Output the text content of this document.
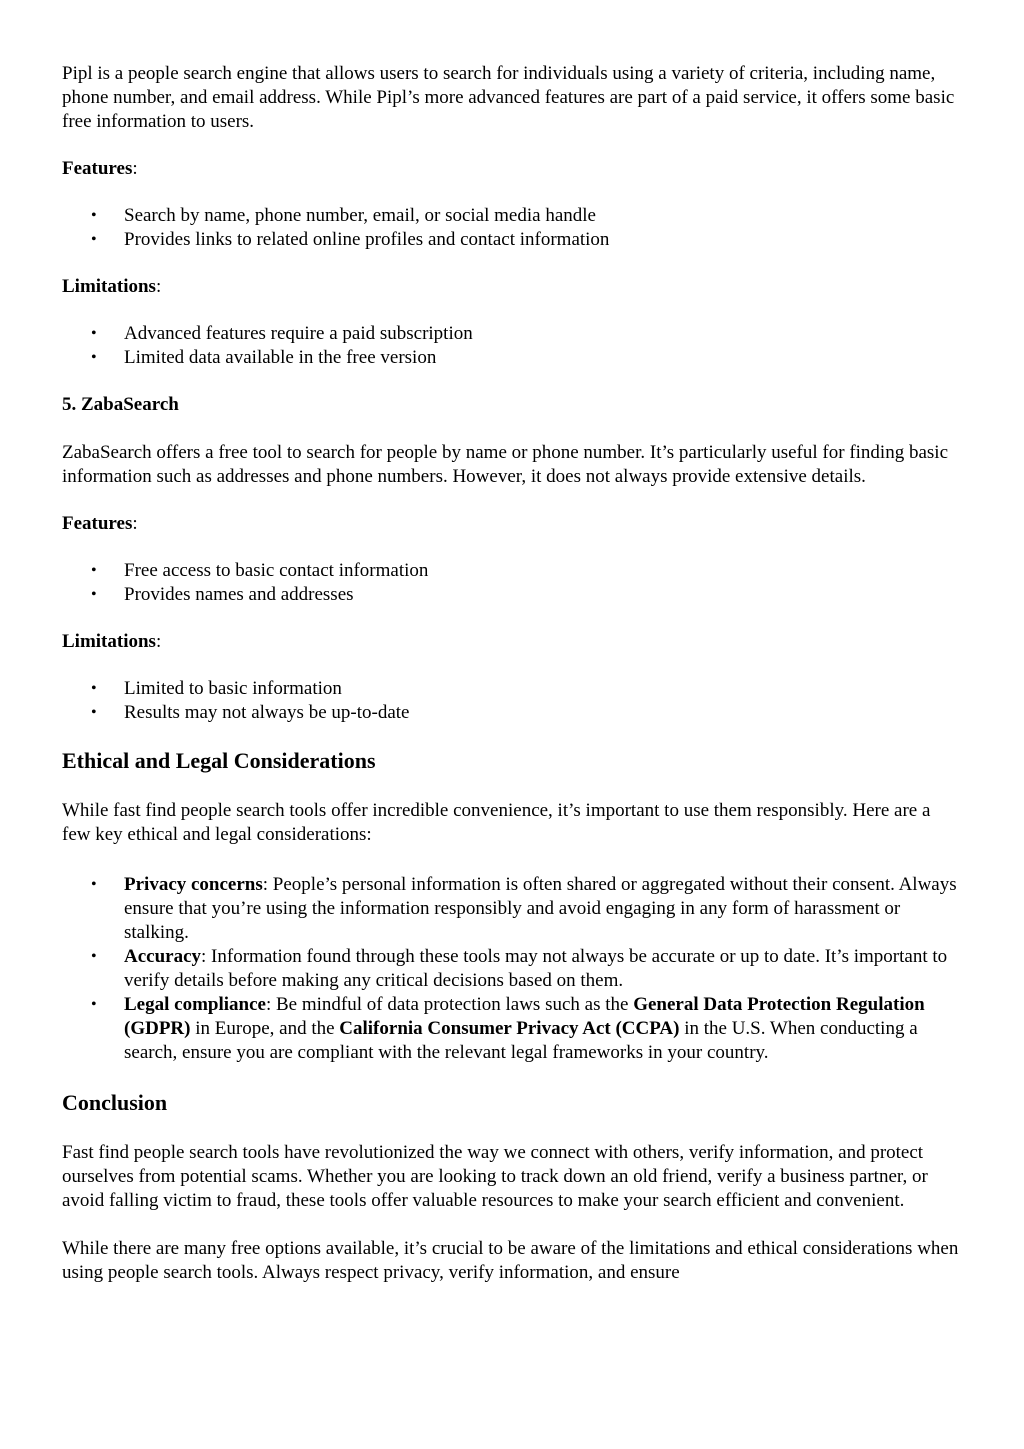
Pipl is a people search engine that allows users to search for individuals using a variety of criteria, including name, phone number, and email address. While Pipl’s more advanced features are part of a paid service, it offers some basic free information to users.

Features:

• Search by name, phone number, email, or social media handle
• Provides links to related online profiles and contact information

Limitations:

• Advanced features require a paid subscription
• Limited data available in the free version
5. ZabaSearch

ZabaSearch offers a free tool to search for people by name or phone number. It’s particularly useful for finding basic information such as addresses and phone numbers. However, it does not always provide extensive details.

Features:

• Free access to basic contact information
• Provides names and addresses

Limitations:

• Limited to basic information
• Results may not always be up-to-date
Ethical and Legal Considerations

While fast find people search tools offer incredible convenience, it’s important to use them responsibly. Here are a few key ethical and legal considerations:

• Privacy concerns: People’s personal information is often shared or aggregated without their consent. Always ensure that you’re using the information responsibly and avoid engaging in any form of harassment or stalking.
• Accuracy: Information found through these tools may not always be accurate or up to date. It’s important to verify details before making any critical decisions based on them.
• Legal compliance: Be mindful of data protection laws such as the General Data Protection Regulation (GDPR) in Europe, and the California Consumer Privacy Act (CCPA) in the U.S. When conducting a search, ensure you are compliant with the relevant legal frameworks in your country.
Conclusion

Fast find people search tools have revolutionized the way we connect with others, verify information, and protect ourselves from potential scams. Whether you are looking to track down an old friend, verify a business partner, or avoid falling victim to fraud, these tools offer valuable resources to make your search efficient and convenient.

While there are many free options available, it’s crucial to be aware of the limitations and ethical considerations when using people search tools. Always respect privacy, verify information, and ensure
